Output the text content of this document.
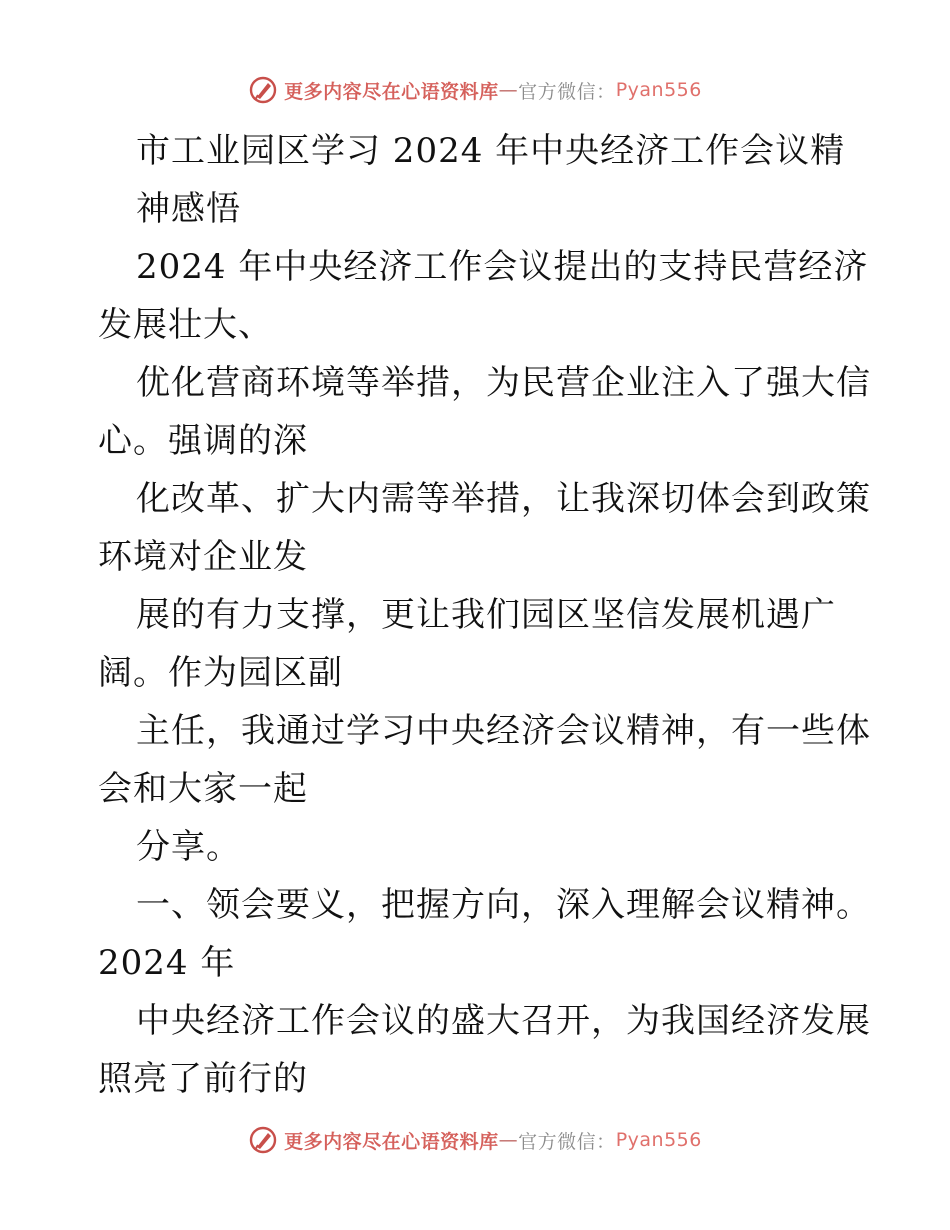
更多内容尽在心语资料库 — 官方微信： Pyan556
市工业园区学习 2024 年中央经济工作会议精
神感悟
2024 年中央经济工作会议提出的支持民营经济
发展壮大、
优化营商环境等举措，为民营企业注入了强大信
心。强调的深
化改革、扩大内需等举措，让我深切体会到政策
环境对企业发
展的有力支撑，更让我们园区坚信发展机遇广
阔。作为园区副
主任，我通过学习中央经济会议精神，有一些体
会和大家一起
分享。
一、领会要义，把握方向，深入理解会议精神。
2024 年
中央经济工作会议的盛大召开，为我国经济发展
照亮了前行的
更多内容尽在心语资料库 — 官方微信： Pyan556
